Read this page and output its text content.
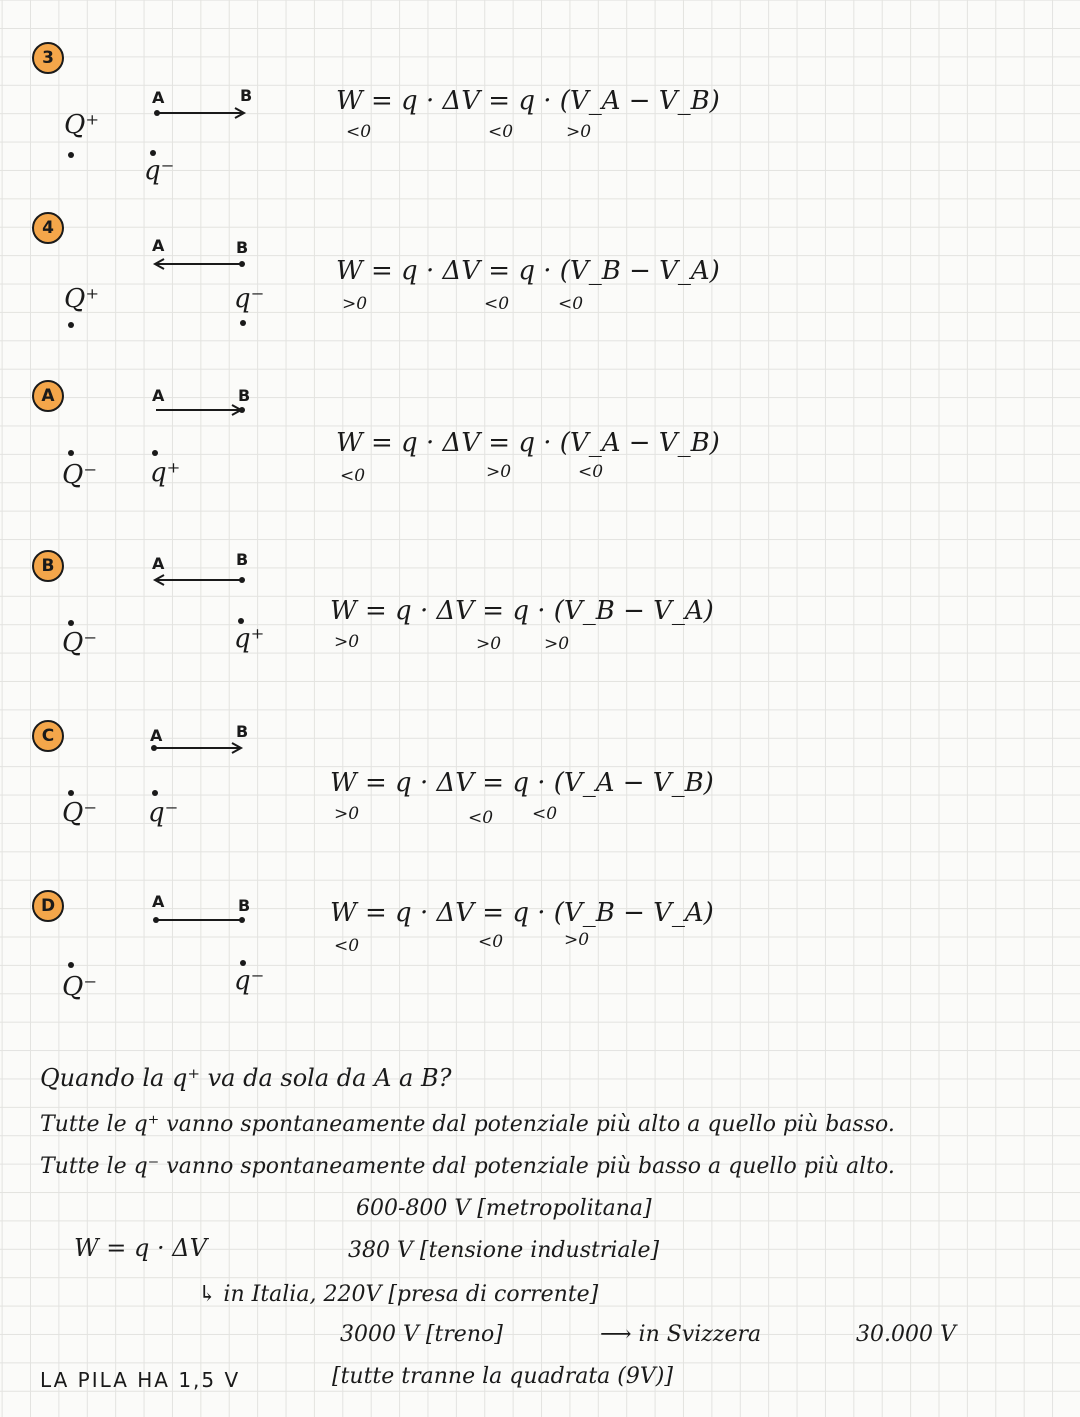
3
A	B
Q⁺
q⁻
W = q · ΔV = q · (V_A − V_B)
<0	<0	>0
4
A	B
Q⁺	q⁻
W = q · ΔV = q · (V_B − V_A)
>0	<0	<0
A	A	B
Q⁻ q⁺
W = q · ΔV = q · (V_A − V_B)
<0	>0	<0
B	A	B
Q⁻	q⁺
W = q · ΔV = q · (V_B − V_A)
>0	>0	>0
C	A	B
Q⁻ q⁻
W = q · ΔV = q · (V_A − V_B)
>0	<0 <0
D	A	B
Q⁻	q⁻
W = q · ΔV = q · (V_B − V_A)
<0	<0	>0
Quando la q⁺ va da sola da A a B?
Tutte le q⁺ vanno spontaneamente dal potenziale più alto a quello più basso.
Tutte le q⁻ vanno spontaneamente dal potenziale più basso a quello più alto.
600-800 V [metropolitana]
W = q · ΔV	380 V [tensione industriale]
↳ in Italia, 220V [presa di corrente]
3000 V [treno]	⟶ in Svizzera	30.000 V
LA PILA HA 1,5 V	[tutte tranne la quadrata (9V)]
